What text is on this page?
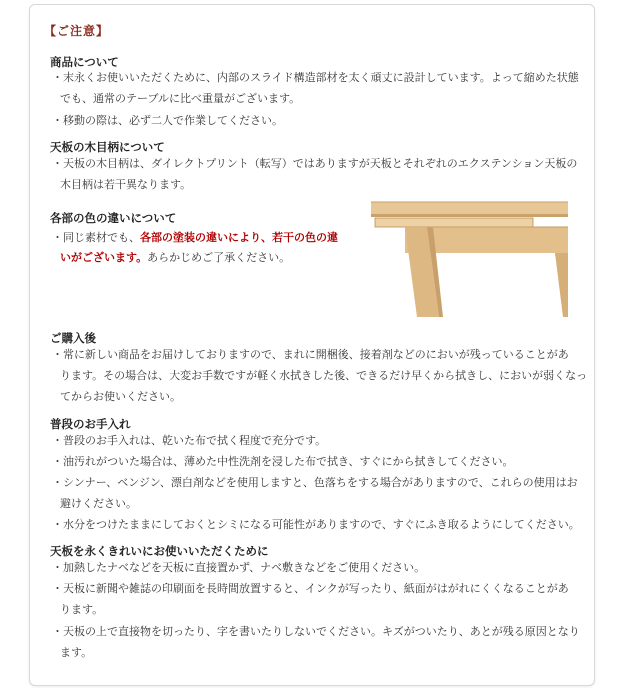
【ご注意】
商品について
・末永くお使いいただくために、内部のスライド構造部材を太く頑丈に設計しています。よって縮めた状態
でも、通常のテーブルに比べ重量がございます。
・移動の際は、必ず二人で作業してください。
天板の木目柄について
・天板の木目柄は、ダイレクトプリント（転写）ではありますが天板とそれぞれのエクステンション天板の
木目柄は若干異なります。
各部の色の違いについて
・同じ素材でも、各部の塗装の違いにより、若干の色の違
いがございます。あらかじめご了承ください。
ご購入後
・常に新しい商品をお届けしておりますので、まれに開梱後、接着剤などのにおいが残っていることがあ
ります。その場合は、大変お手数ですが軽く水拭きした後、できるだけ早くから拭きし、においが弱くなっ
てからお使いください。
普段のお手入れ
・普段のお手入れは、乾いた布で拭く程度で充分です。
・油汚れがついた場合は、薄めた中性洗剤を浸した布で拭き、すぐにから拭きしてください。
・シンナー、ベンジン、漂白剤などを使用しますと、色落ちをする場合がありますので、これらの使用はお
避けください。
・水分をつけたままにしておくとシミになる可能性がありますので、すぐにふき取るようにしてください。
天板を永くきれいにお使いいただくために
・加熱したナベなどを天板に直接置かず、ナベ敷きなどをご使用ください。
・天板に新聞や雑誌の印刷面を長時間放置すると、インクが写ったり、紙面がはがれにくくなることがあ
ります。
・天板の上で直接物を切ったり、字を書いたりしないでください。キズがついたり、あとが残る原因となり
ます。
